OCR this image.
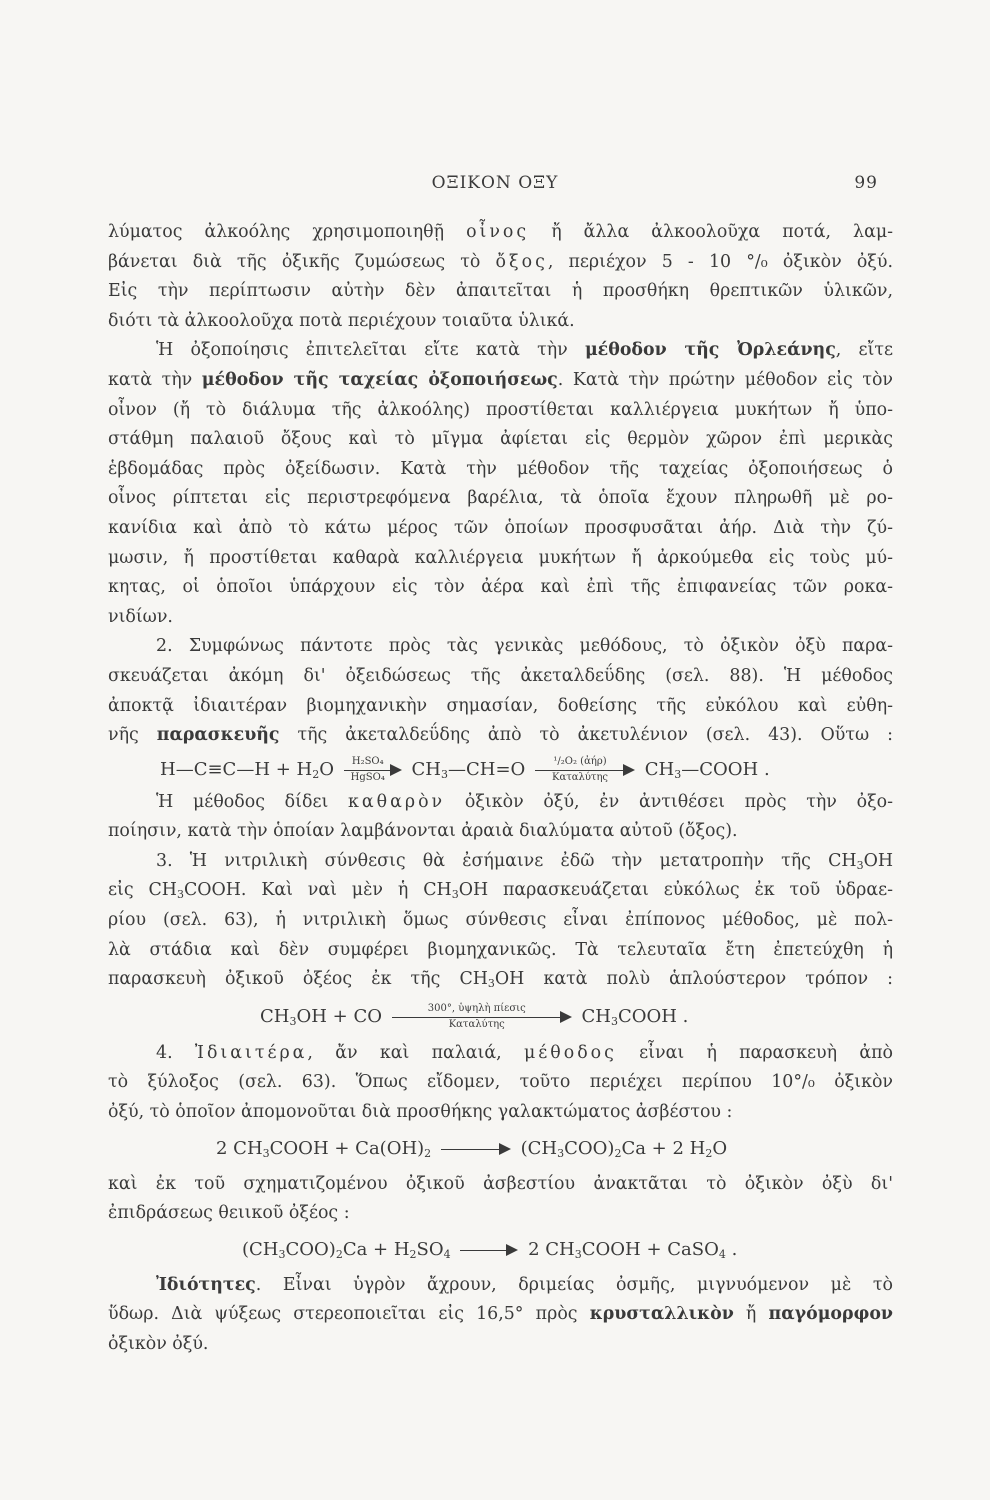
ΟΞΙΚΟΝ ΟΞΥ	99
λύματος ἀλκοόλης χρησιμοποιηθῇ οἶνος ἤ ἄλλα ἀλκοολοῦχα ποτά, λαμ-
βάνεται διὰ τῆς ὀξικῆς ζυμώσεως τὸ ὄξος, περιέχον 5 - 10 °/₀ ὀξικὸν ὀξύ.
Εἰς τὴν περίπτωσιν αὐτὴν δὲν ἀπαιτεῖται ἡ προσθήκη θρεπτικῶν ὑλικῶν,
διότι τὰ ἀλκοολοῦχα ποτὰ περιέχουν τοιαῦτα ὑλικά.
Ἡ ὀξοποίησις ἐπιτελεῖται εἴτε κατὰ τὴν μέθοδον τῆς Ὀρλεάνης, εἴτε
κατὰ τὴν μέθοδον τῆς ταχείας ὀξοποιήσεως. Κατὰ τὴν πρώτην μέθοδον εἰς τὸν
οἶνον (ἤ τὸ διάλυμα τῆς ἀλκοόλης) προστίθεται καλλιέργεια μυκήτων ἤ ὑπο-
στάθμη παλαιοῦ ὄξους καὶ τὸ μῖγμα ἀφίεται εἰς θερμὸν χῶρον ἐπὶ μερικὰς
ἑβδομάδας πρὸς ὀξείδωσιν. Κατὰ τὴν μέθοδον τῆς ταχείας ὀξοποιήσεως ὁ
οἶνος ρίπτεται εἰς περιστρεφόμενα βαρέλια, τὰ ὁποῖα ἔχουν πληρωθῆ μὲ ρο-
κανίδια καὶ ἀπὸ τὸ κάτω μέρος τῶν ὁποίων προσφυσᾶται ἀήρ. Διὰ τὴν ζύ-
μωσιν, ἤ προστίθεται καθαρὰ καλλιέργεια μυκήτων ἤ ἀρκούμεθα εἰς τοὺς μύ-
κητας, οἱ ὁποῖοι ὑπάρχουν εἰς τὸν ἀέρα καὶ ἐπὶ τῆς ἐπιφανείας τῶν ροκα-
νιδίων.
2. Συμφώνως πάντοτε πρὸς τὰς γενικὰς μεθόδους, τὸ ὀξικὸν ὀξὺ παρα-
σκευάζεται ἀκόμη δι' ὀξειδώσεως τῆς ἀκεταλδεΰδης (σελ. 88). Ἡ μέθοδος
ἀποκτᾷ ἰδιαιτέραν βιομηχανικὴν σημασίαν, δοθείσης τῆς εὐκόλου καὶ εὐθη-
νῆς παρασκευῆς τῆς ἀκεταλδεΰδης ἀπὸ τὸ ἀκετυλένιον (σελ. 43). Οὕτω :
H—C≡C—H + $H_2O$	H₂SO₄
HgSO₄	$CH_3—CH=O$	¹/₂O₂ (ἀήρ)
Καταλύτης	$CH_3—COOH$ .
Ἡ μέθοδος δίδει καθαρὸν ὀξικὸν ὀξύ, ἐν ἀντιθέσει πρὸς τὴν ὀξο-
ποίησιν, κατὰ τὴν ὁποίαν λαμβάνονται ἀραιὰ διαλύματα αὐτοῦ (ὄξος).
3. Ἡ νιτριλικὴ σύνθεσις θὰ ἐσήμαινε ἐδῶ τὴν μετατροπὴν τῆς $CH_3OH$
εἰς $CH_3COOH$. Καὶ ναὶ μὲν ἡ $CH_3OH$ παρασκευάζεται εὐκόλως ἐκ τοῦ ὑδραε-
ρίου (σελ. 63), ἡ νιτριλικὴ ὅμως σύνθεσις εἶναι ἐπίπονος μέθοδος, μὲ πολ-
λὰ στάδια καὶ δὲν συμφέρει βιομηχανικῶς. Τὰ τελευταῖα ἔτη ἐπετεύχθη ἡ
παρασκευὴ ὀξικοῦ ὀξέος ἐκ τῆς $CH_3OH$ κατὰ πολὺ ἁπλούστερον τρόπον :
$CH_3OH$ + CO	300°, ὑψηλὴ πίεσις
Καταλύτης	$CH_3COOH$ .
4. Ἰδιαιτέρα, ἄν καὶ παλαιά, μέθοδος εἶναι ἡ παρασκευὴ ἀπὸ
τὸ ξύλοξος (σελ. 63). Ὅπως εἴδομεν, τοῦτο περιέχει περίπου 10°/₀ ὀξικὸν
ὀξύ, τὸ ὁποῖον ἀπομονοῦται διὰ προσθήκης γαλακτώματος ἀσβέστου :
2 $CH_3COOH + Ca(OH)_2$	$(CH_3COO)_2Ca + 2$ $H_2O$
καὶ ἐκ τοῦ σχηματιζομένου ὀξικοῦ ἀσβεστίου ἀνακτᾶται τὸ ὀξικὸν ὀξὺ δι'
ἐπιδράσεως θειικοῦ ὀξέος :
$(CH_3COO)_2Ca + H_2SO_4$	2 $CH_3COOH$ + CaSO$_4$ .
Ἰδιότητες. Εἶναι ὑγρὸν ἄχρουν, δριμείας ὀσμῆς, μιγνυόμενον μὲ τὸ
ὕδωρ. Διὰ ψύξεως στερεοποιεῖται εἰς 16,5° πρὸς κρυσταλλικὸν ἤ παγόμορφον
ὀξικὸν ὀξύ.
